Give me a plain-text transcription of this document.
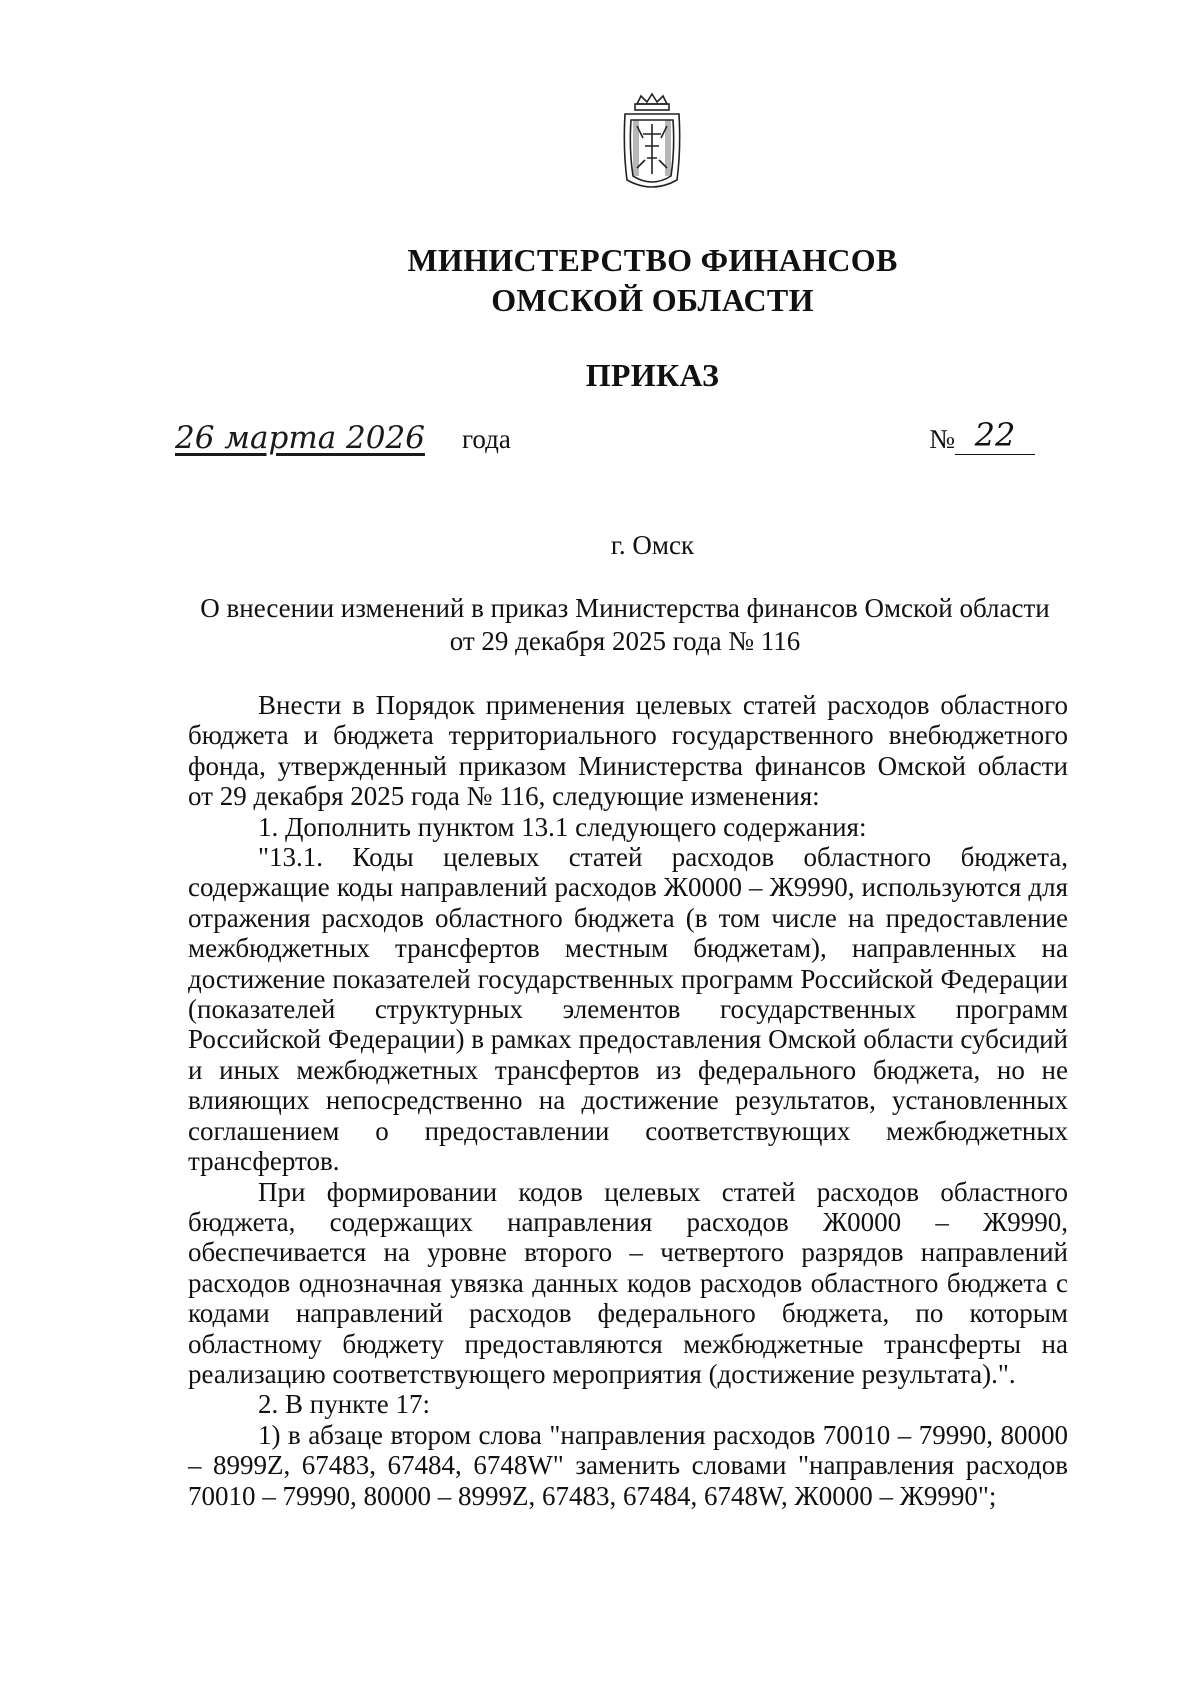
МИНИСТЕРСТВО ФИНАНСОВ
ОМСКОЙ ОБЛАСТИ
ПРИКАЗ
26 марта 2026 года	№ 22
г. Омск
О внесении изменений в приказ Министерства финансов Омской области
от 29 декабря 2025 года № 116

Внести в Порядок применения целевых статей расходов областного бюджета и бюджета территориального государственного внебюджетного фонда, утвержденный приказом Министерства финансов Омской области от 29 декабря 2025 года № 116, следующие изменения:

1. Дополнить пунктом 13.1 следующего содержания:

"13.1. Коды целевых статей расходов областного бюджета, содержащие коды направлений расходов Ж0000 – Ж9990, используются для отражения расходов областного бюджета (в том числе на предоставление межбюджетных трансфертов местным бюджетам), направленных на достижение показателей государственных программ Российской Федерации (показателей структурных элементов государственных программ Российской Федерации) в рамках предоставления Омской области субсидий и иных межбюджетных трансфертов из федерального бюджета, но не влияющих непосредственно на достижение результатов, установленных соглашением о предоставлении соответствующих межбюджетных трансфертов.

При формировании кодов целевых статей расходов областного бюджета, содержащих направления расходов Ж0000 – Ж9990, обеспечивается на уровне второго – четвертого разрядов направлений расходов однозначная увязка данных кодов расходов областного бюджета с кодами направлений расходов федерального бюджета, по которым областному бюджету предоставляются межбюджетные трансферты на реализацию соответствующего мероприятия (достижение результата).".

2. В пункте 17:

1) в абзаце втором слова "направления расходов 70010 – 79990, 80000 – 8999Z, 67483, 67484, 6748W" заменить словами "направления расходов 70010 – 79990, 80000 – 8999Z, 67483, 67484, 6748W, Ж0000 – Ж9990";
